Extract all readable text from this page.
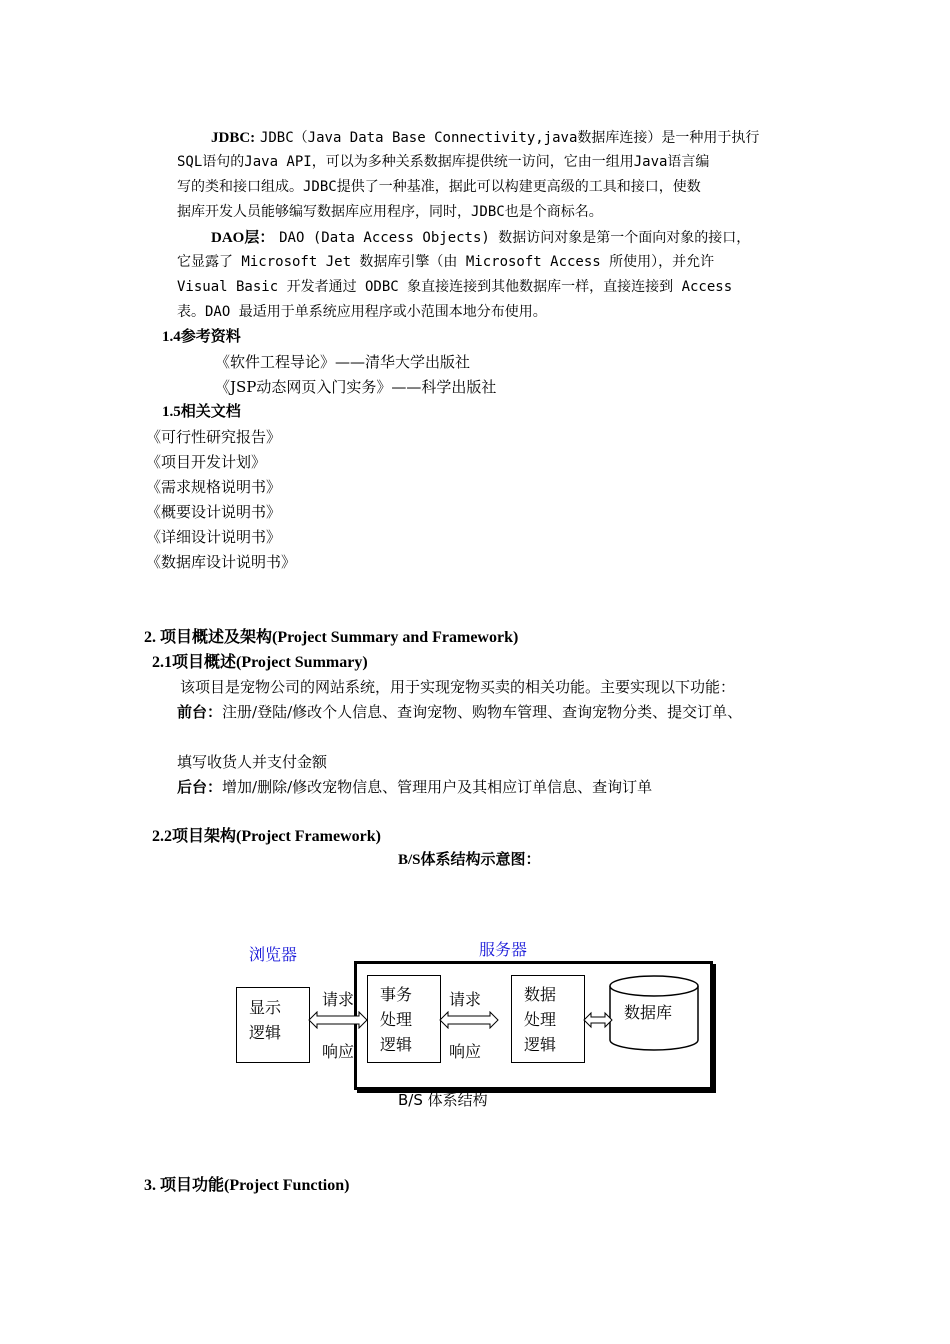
JDBC: JDBC（Java Data Base Connectivity,java数据库连接）是一种用于执行
SQL语句的Java API，可以为多种关系数据库提供统一访问，它由一组用Java语言编
写的类和接口组成。JDBC提供了一种基准，据此可以构建更高级的工具和接口，使数
据库开发人员能够编写数据库应用程序，同时，JDBC也是个商标名。
DAO层： DAO (Data Access Objects) 数据访问对象是第一个面向对象的接口，
它显露了 Microsoft Jet 数据库引擎（由 Microsoft Access 所使用），并允许
Visual Basic 开发者通过 ODBC 象直接连接到其他数据库一样，直接连接到 Access
表。DAO 最适用于单系统应用程序或小范围本地分布使用。
1.4参考资料
《软件工程导论》——清华大学出版社
《JSP动态网页入门实务》——科学出版社
1.5相关文档
《可行性研究报告》
《项目开发计划》
《需求规格说明书》
《概要设计说明书》
《详细设计说明书》
《数据库设计说明书》
2. 项目概述及架构(Project Summary and Framework)
2.1项目概述(Project Summary)
该项目是宠物公司的网站系统，用于实现宠物买卖的相关功能。主要实现以下功能：
前台：注册/登陆/修改个人信息、查询宠物、购物车管理、查询宠物分类、提交订单、
填写收货人并支付金额
后台：增加/删除/修改宠物信息、管理用户及其相应订单信息、查询订单
2.2项目架构(Project Framework)
B/S体系结构示意图：
浏览器	服务器
显示
逻辑
请求
响应
事务
处理
逻辑
请求
响应
数据
处理
逻辑
数据库
B/S 体系结构
3. 项目功能(Project Function)
